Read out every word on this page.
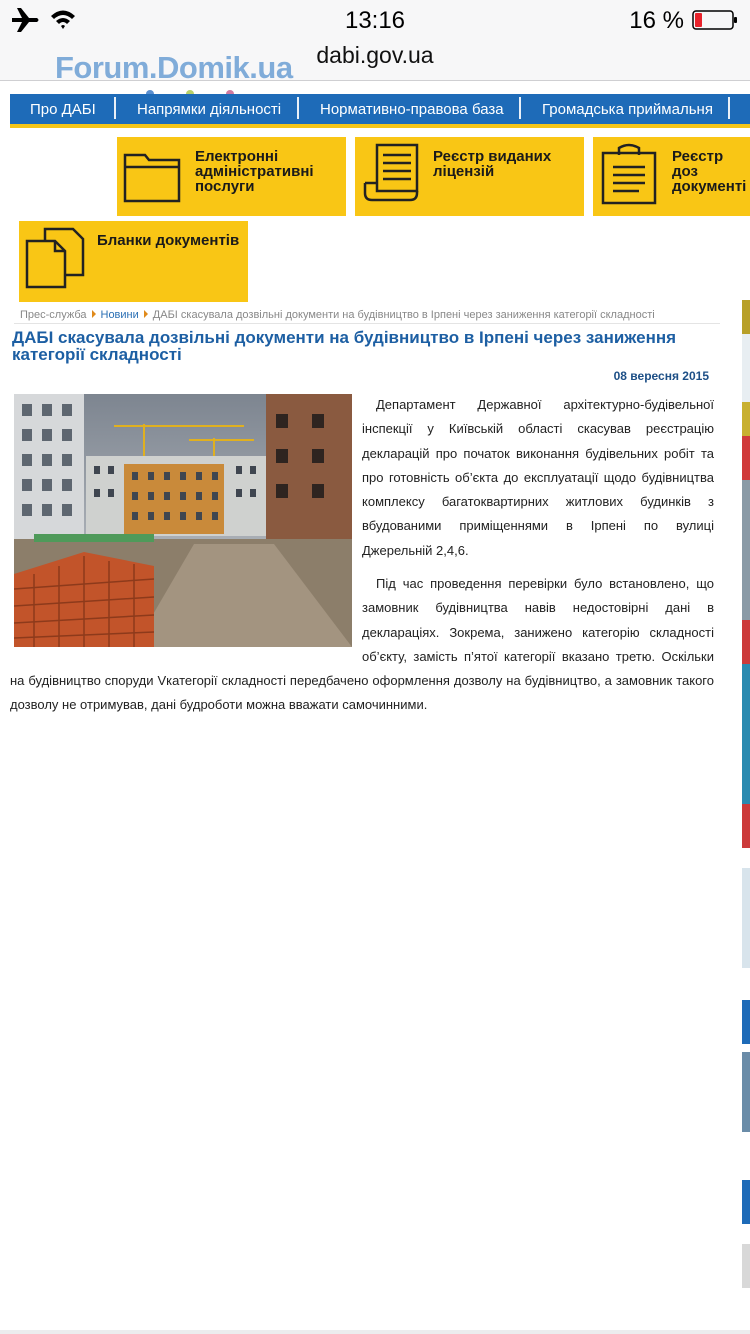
13:16	16 %
dabi.gov.ua
Forum.Domik.ua
Про ДАБІ	Напрямки діяльності	Нормативно-правова база	Громадська приймальня
Електронні
адміністративні
послуги
Реєстр виданих
ліцензій
Реєстр доз
документі
Бланки документів
Прес-служба Новини ДАБІ скасувала дозвільні документи на будівництво в Ірпені через заниження категорії складності
ДАБІ скасувала дозвільні документи на будівництво в Ірпені через заниження категорії складності
08 вересня 2015

Департамент Державної архітектурно-будівельної інспекції у Київській області скасував реєстрацію декларацій про початок виконання будівельних робіт та про готовність об’єкта до експлуатації щодо будівництва комплексу багатоквартирних житлових будинків з вбудованими приміщеннями в Ірпені по вулиці Джерельній 2,4,6.

Під час проведення перевірки було встановлено, що замовник будівництва навів недостовірні дані в деклараціях. Зокрема, занижено категорію складності об’єкту, замість п’ятої категорії вказано третю. Оскільки на будівництво споруди Vкатегорії складності передбачено оформлення дозволу на будівництво, а замовник такого дозволу не отримував, дані будроботи можна вважати самочинними.
